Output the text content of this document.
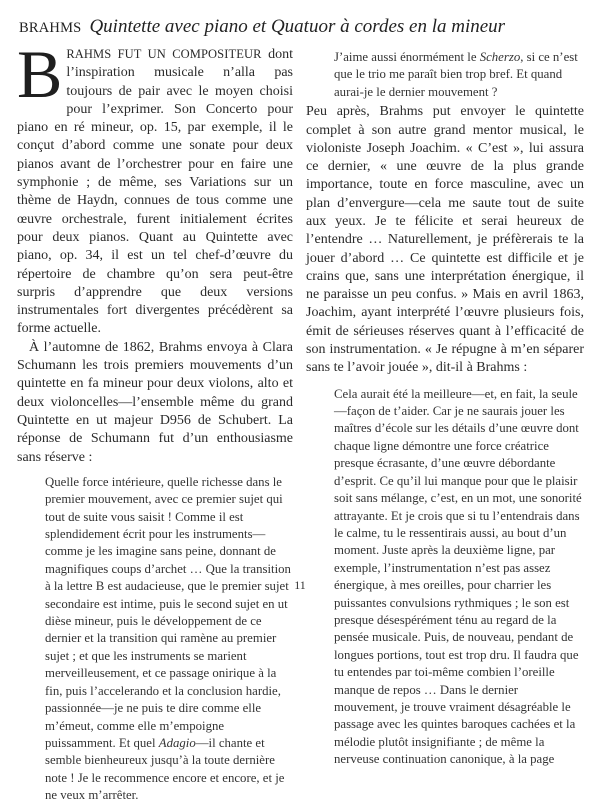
BRAHMS Quintette avec piano et Quatuor à cordes en la mineur

BRAHMS FUT UN COMPOSITEUR dont l’inspiration musicale n’alla pas toujours de pair avec le moyen choisi pour l’exprimer. Son Concerto pour piano en ré mineur, op. 15, par exemple, il le conçut d’abord comme une sonate pour deux pianos avant de l’orchestrer pour en faire une symphonie ; de même, ses Variations sur un thème de Haydn, connues de tous comme une œuvre orchestrale, furent initialement écrites pour deux pianos. Quant au Quintette avec piano, op. 34, il est un tel chef-d’œuvre du répertoire de chambre qu’on sera peut-être surpris d’apprendre que deux versions instrumentales fort divergentes précédèrent sa forme actuelle.

À l’automne de 1862, Brahms envoya à Clara Schumann les trois premiers mouvements d’un quintette en fa mineur pour deux violons, alto et deux violoncelles—l’ensemble même du grand Quintette en ut majeur D956 de Schubert. La réponse de Schumann fut d’un enthousiasme sans réserve :

Quelle force intérieure, quelle richesse dans le premier mouvement, avec ce premier sujet qui tout de suite vous saisit ! Comme il est splendidement écrit pour les instruments—comme je les imagine sans peine, donnant de magnifiques coups d’archet … Que la transition à la lettre B est audacieuse, que le premier sujet secondaire est intime, puis le second sujet en ut dièse mineur, puis le développement de ce dernier et la transition qui ramène au premier sujet ; et que les instruments se marient merveilleusement, et ce passage onirique à la fin, puis l’accelerando et la conclusion hardie, passionnée—je ne puis te dire comme elle m’émeut, comme elle m’empoigne puissamment. Et quel Adagio—il chante et semble bienheureux jusqu’à la toute dernière note ! Je le recommence encore et encore, et je ne veux m’arrêter.

J’aime aussi énormément le Scherzo, si ce n’est que le trio me paraît bien trop bref. Et quand aurai-je le dernier mouvement ?

Peu après, Brahms put envoyer le quintette complet à son autre grand mentor musical, le violoniste Joseph Joachim. « C’est », lui assura ce dernier, « une œuvre de la plus grande importance, toute en force masculine, avec un plan d’envergure—cela me saute tout de suite aux yeux. Je te félicite et serai heureux de l’entendre … Naturellement, je préfèrerais te la jouer d’abord … Ce quintette est difficile et je crains que, sans une interprétation énergique, il ne paraisse un peu confus. » Mais en avril 1863, Joachim, ayant interprété l’œuvre plusieurs fois, émit de sérieuses réserves quant à l’efficacité de son instrumentation. « Je répugne à m’en séparer sans te l’avoir jouée », dit-il à Brahms :

Cela aurait été la meilleure—et, en fait, la seule—façon de t’aider. Car je ne saurais jouer les maîtres d’école sur les détails d’une œuvre dont chaque ligne démontre une force créatrice presque écrasante, d’une œuvre débordante d’esprit. Ce qu’il lui manque pour que le plaisir soit sans mélange, c’est, en un mot, une sonorité attrayante. Et je crois que si tu l’entendrais dans le calme, tu le ressentirais aussi, au bout d’un moment. Juste après la deuxième ligne, par exemple, l’instrumentation n’est pas assez énergique, à mes oreilles, pour charrier les puissantes convulsions rythmiques ; le son est presque désespérément ténu au regard de la pensée musicale. Puis, de nouveau, pendant de longues portions, tout est trop dru. Il faudra que tu entendes par toi-même combien l’oreille manque de repos … Dans le dernier mouvement, je trouve vraiment désagréable le passage avec les quintes baroques cachées et la mélodie plutôt insignifiante ; de même la nerveuse continuation canonique, à la page

11
